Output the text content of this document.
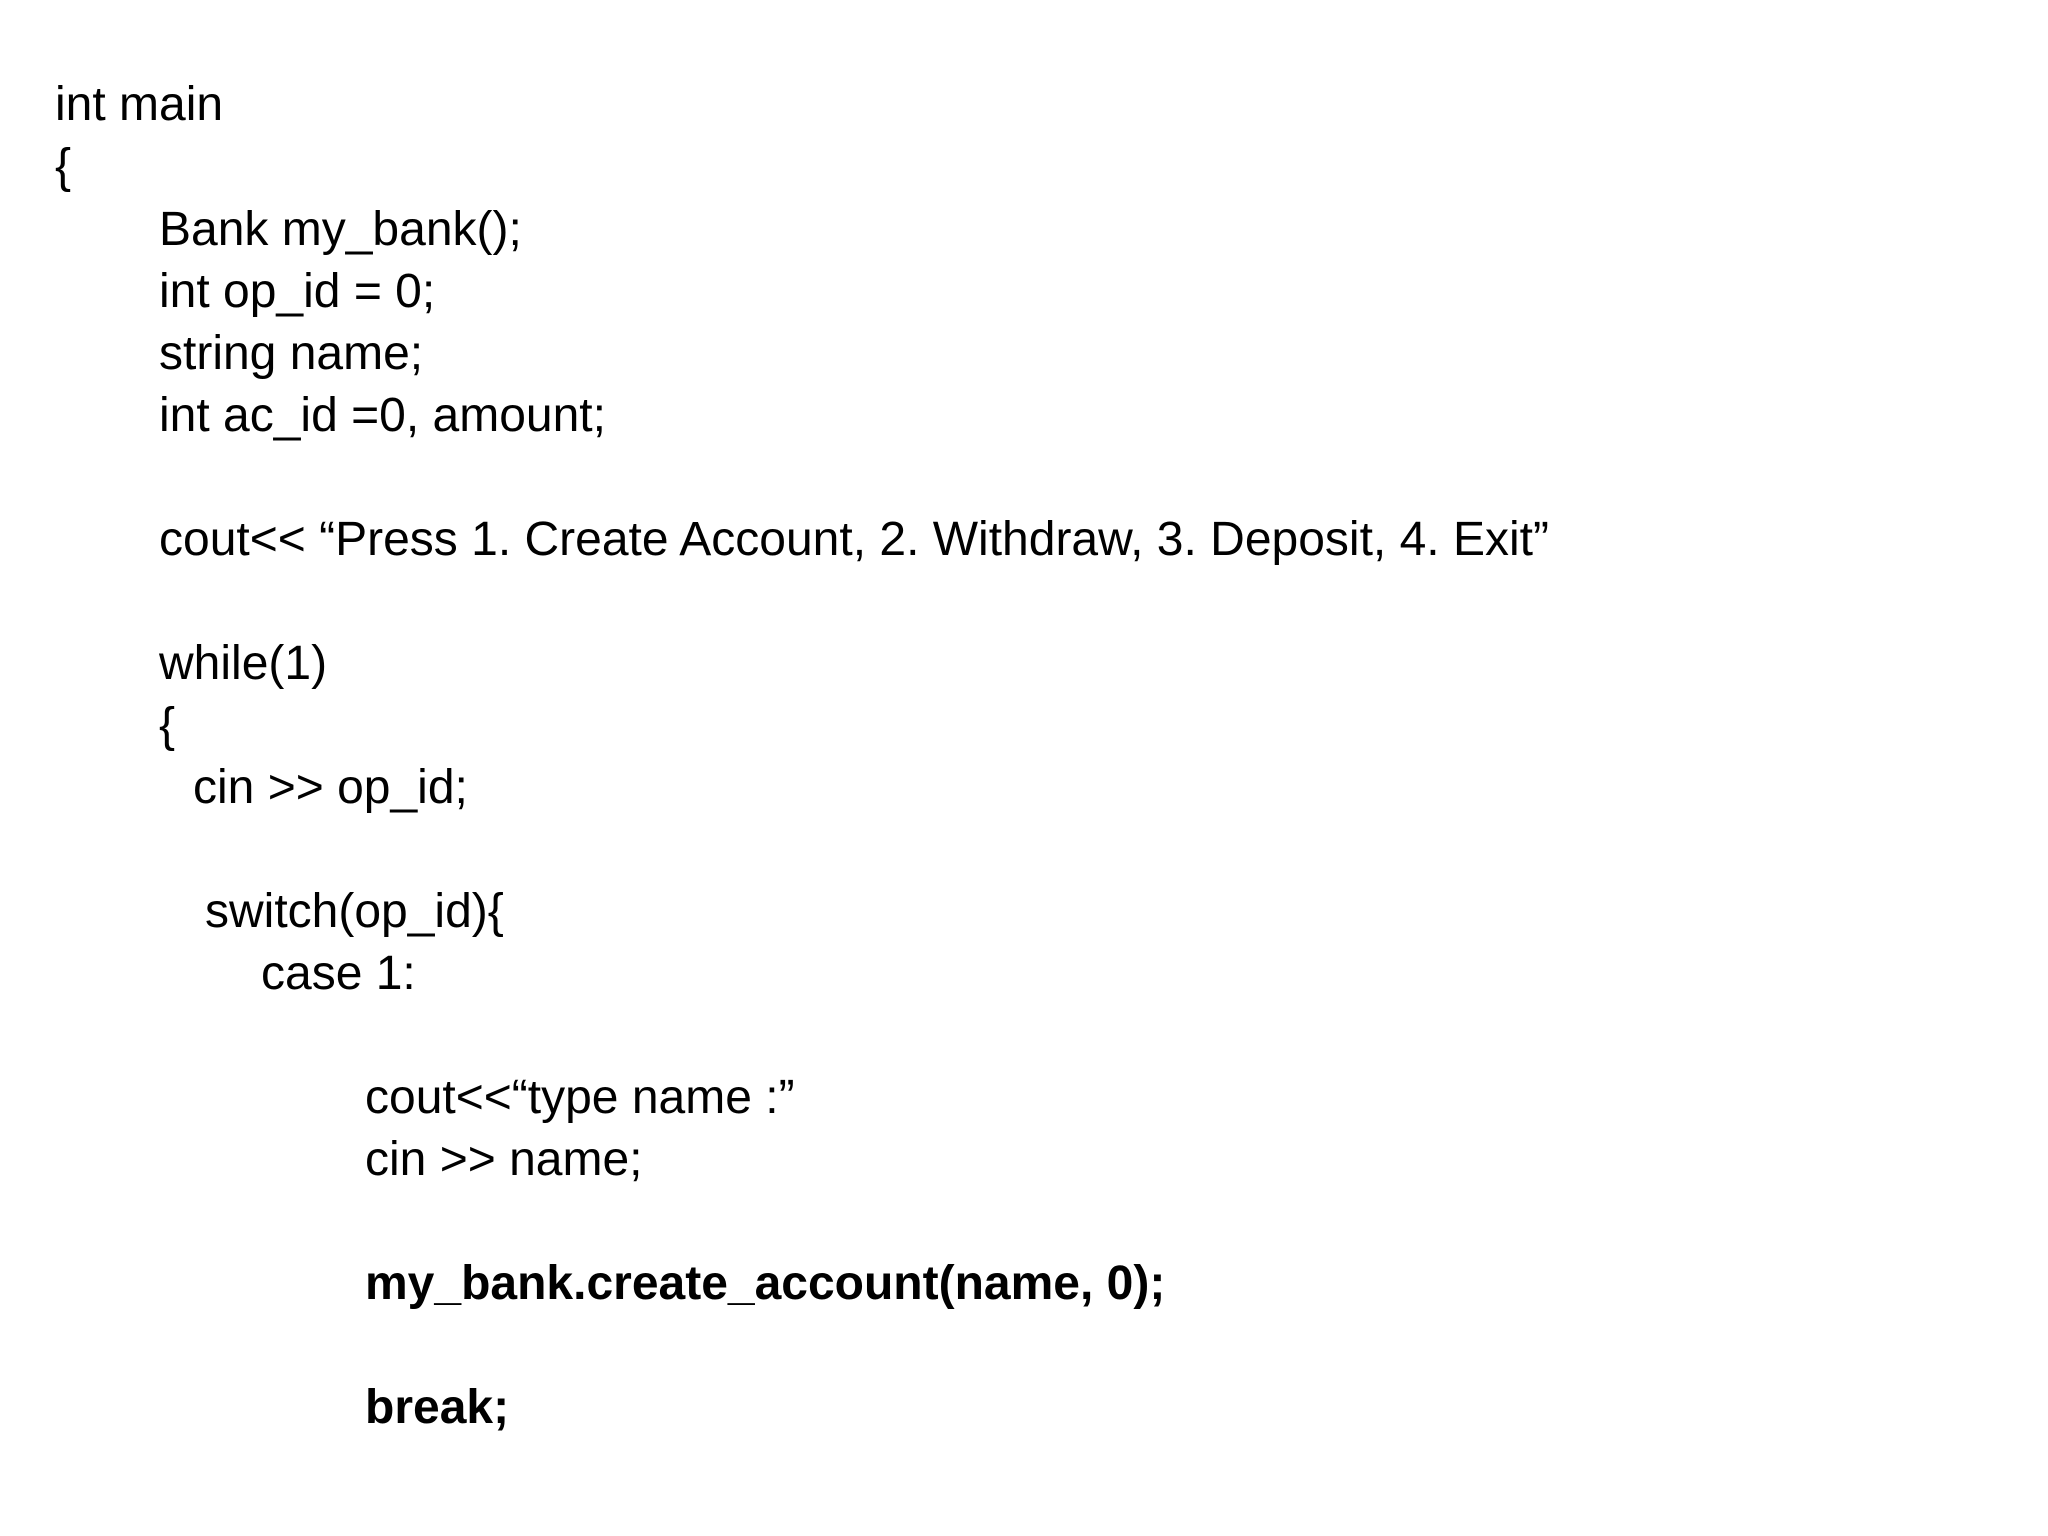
int main

{

Bank my_bank();

int op_id = 0;

string name;

int ac_id =0, amount;

cout<< “Press 1. Create Account, 2. Withdraw, 3. Deposit, 4. Exit”

while(1)

{

cin >> op_id;

switch(op_id){

case 1:

cout<<“type name :”

cin >> name;

my_bank.create_account(name, 0);

break;
